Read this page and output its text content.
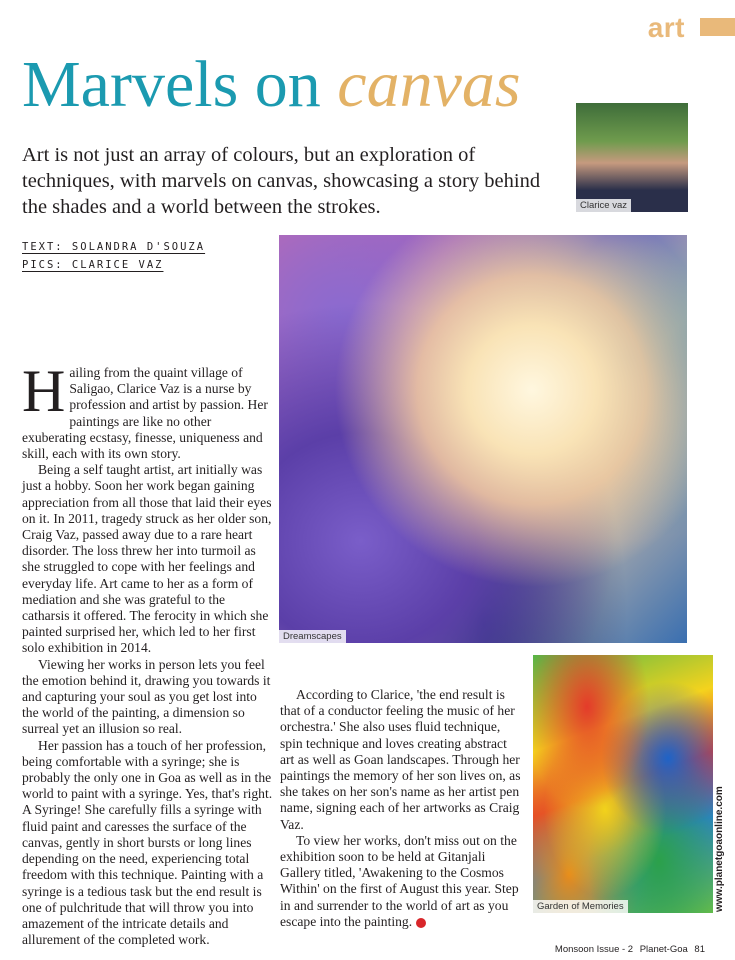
art
Marvels on canvas

Art is not just an array of colours, but an exploration of techniques, with marvels on canvas, showcasing a story behind the shades and a world between the strokes.

TEXT: SOLANDRA D'SOUZA
PICS: CLARICE VAZ
Clarice vaz
Dreamscapes
Garden of Memories	www.planetgoaonline.com

Hailing from the quaint village of Saligao, Clarice Vaz is a nurse by profession and artist by passion. Her paintings are like no other exuberating ecstasy, finesse, uniqueness and skill, each with its own story.

Being a self taught artist, art initially was just a hobby. Soon her work began gaining appreciation from all those that laid their eyes on it. In 2011, tragedy struck as her older son, Craig Vaz, passed away due to a rare heart disorder. The loss threw her into turmoil as she struggled to cope with her feelings and everyday life. Art came to her as a form of mediation and she was grateful to the catharsis it offered. The ferocity in which she painted surprised her, which led to her first solo exhibition in 2014.

Viewing her works in person lets you feel the emotion behind it, drawing you towards it and capturing your soul as you get lost into the world of the painting, a dimension so surreal yet an illusion so real.

Her passion has a touch of her profession, being comfortable with a syringe; she is probably the only one in Goa as well as in the world to paint with a syringe. Yes, that's right. A Syringe! She carefully fills a syringe with fluid paint and caresses the surface of the canvas, gently in short bursts or long lines depending on the need, experiencing total freedom with this technique. Painting with a syringe is a tedious task but the end result is one of pulchritude that will throw you into amazement of the intricate details and allurement of the completed work.

According to Clarice, 'the end result is that of a conductor feeling the music of her orchestra.' She also uses fluid technique, spin technique and loves creating abstract art as well as Goan landscapes. Through her paintings the memory of her son lives on, as she takes on her son's name as her artist pen name, signing each of her artworks as Craig Vaz.

To view her works, don't miss out on the exhibition soon to be held at Gitanjali Gallery titled, 'Awakening to the Cosmos Within' on the first of August this year. Step in and surrender to the world of art as you escape into the painting.

Monsoon Issue - 2 Planet-Goa 81
